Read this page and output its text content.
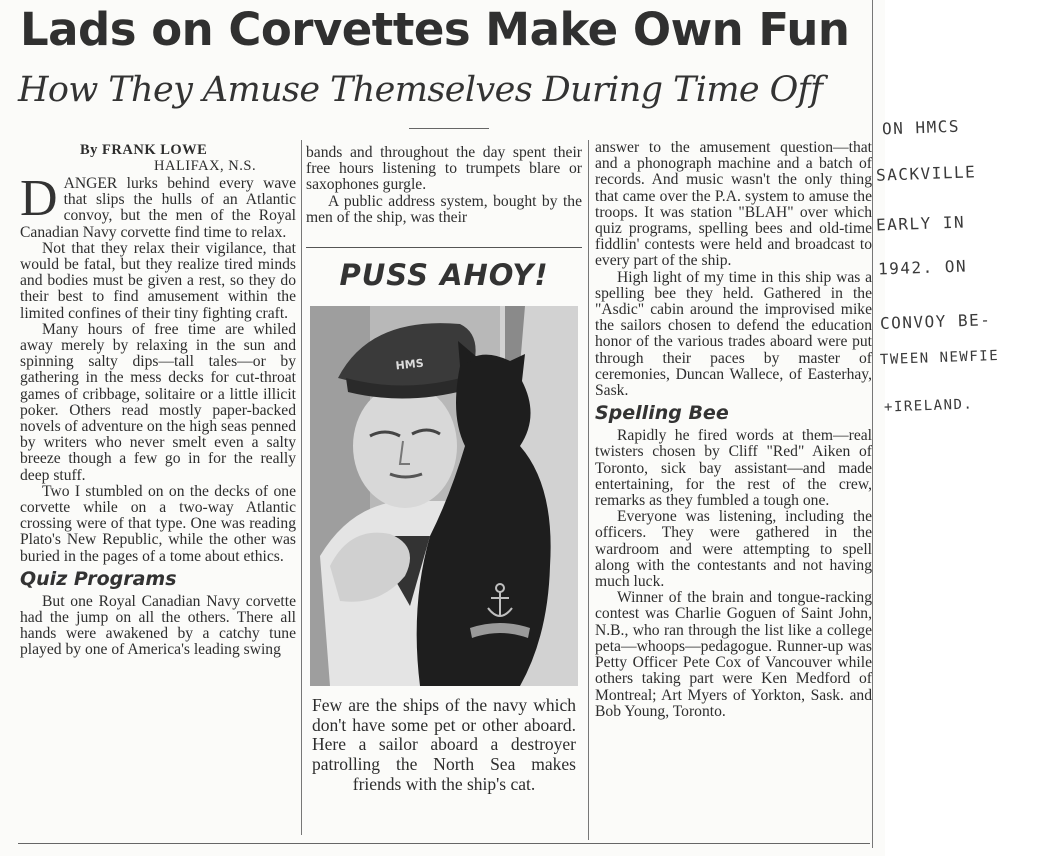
Lads on Corvettes Make Own Fun
How They Amuse Themselves During Time Off
By FRANK LOWE
HALIFAX, N.S.

DANGER lurks behind every wave that slips the hulls of an Atlantic convoy, but the men of the Royal Canadian Navy corvette find time to relax.

Not that they relax their vigilance, that would be fatal, but they realize tired minds and bodies must be given a rest, so they do their best to find amusement within the limited confines of their tiny fighting craft.

Many hours of free time are whiled away merely by relaxing in the sun and spinning salty dips—tall tales—or by gathering in the mess decks for cut-throat games of cribbage, solitaire or a little illicit poker. Others read mostly paper-backed novels of adventure on the high seas penned by writers who never smelt even a salty breeze though a few go in for the really deep stuff.

Two I stumbled on on the decks of one corvette while on a two-way Atlantic crossing were of that type. One was reading Plato's New Republic, while the other was buried in the pages of a tome about ethics.

Quiz Programs

But one Royal Canadian Navy corvette had the jump on all the others. There all hands were awakened by a catchy tune played by one of America's leading swing

bands and throughout the day spent their free hours listening to trumpets blare or saxophones gurgle.

A public address system, bought by the men of the ship, was their

PUSS AHOY!
HMS
Few are the ships of the navy which don't have some pet or other aboard. Here a sailor aboard a destroyer patrolling the North Sea makes friends with the ship's cat.

answer to the amusement question—that and a phonograph machine and a batch of records. And music wasn't the only thing that came over the P.A. system to amuse the troops. It was station "BLAH" over which quiz programs, spelling bees and old-time fiddlin' contests were held and broadcast to every part of the ship.

High light of my time in this ship was a spelling bee they held. Gathered in the "Asdic" cabin around the improvised mike the sailors chosen to defend the education honor of the various trades aboard were put through their paces by master of ceremonies, Duncan Wallece, of Easterhay, Sask.

Spelling Bee

Rapidly he fired words at them—real twisters chosen by Cliff "Red" Aiken of Toronto, sick bay assistant—and made entertaining, for the rest of the crew, remarks as they fumbled a tough one.

Everyone was listening, including the officers. They were gathered in the wardroom and were attempting to spell along with the contestants and not having much luck.

Winner of the brain and tongue-racking contest was Charlie Goguen of Saint John, N.B., who ran through the list like a college peta—whoops—pedagogue. Runner-up was Petty Officer Pete Cox of Vancouver while others taking part were Ken Medford of Montreal; Art Myers of Yorkton, Sask. and Bob Young, Toronto.

ON HMCS
SACKVILLE
EARLY IN
1942. ON
CONVOY BE-
TWEEN NEWFIE
+IRELAND.
